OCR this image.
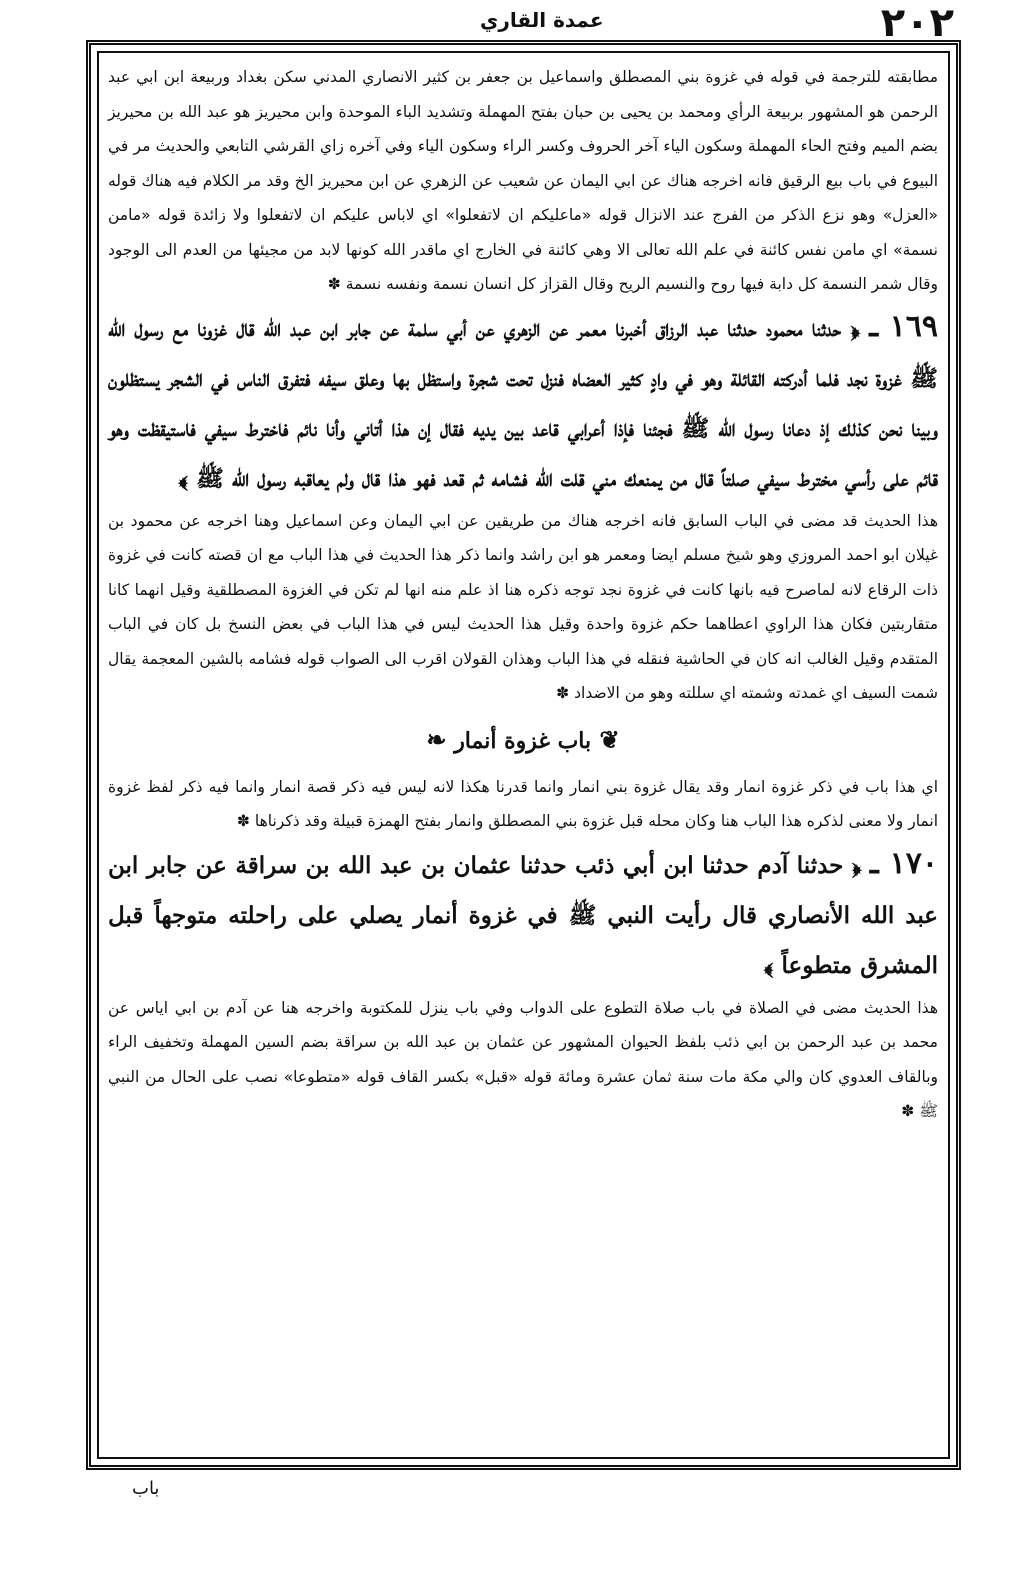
٢٠٢
عمدة القاري

مطابقته للترجمة في قوله في غزوة بني المصطلق واسماعيل بن جعفر بن كثير الانصاري المدني سكن بغداد وربيعة ابن ابي عبد الرحمن هو المشهور بربيعة الرأي ومحمد بن يحيى بن حبان بفتح المهملة وتشديد الباء الموحدة وابن محيريز هو عبد الله بن محيريز بضم الميم وفتح الحاء المهملة وسكون الياء آخر الحروف وكسر الراء وسكون الياء وفي آخره زاي القرشي التابعي والحديث مر في البيوع في باب بيع الرقيق فانه اخرجه هناك عن ابي اليمان عن شعيب عن الزهري عن ابن محيريز الخ وقد مر الكلام فيه هناك قوله «العزل» وهو نزع الذكر من الفرج عند الانزال قوله «ماعليكم ان لاتفعلوا» اي لاباس عليكم ان لاتفعلوا ولا زائدة قوله «مامن نسمة» اي مامن نفس كائنة في علم الله تعالى الا وهي كائنة في الخارج اي ماقدر الله كونها لابد من مجيئها من العدم الى الوجود وقال شمر النسمة كل دابة فيها روح والنسيم الريح وقال القزاز كل انسان نسمة ونفسه نسمة ✽

١٦٩ ـ ﴿ حدثنا محمود حدثنا عبد الرزاق أخبرنا معمر عن الزهري عن أبي سلمة عن جابر ابن عبد الله قال غزونا مع رسول الله ﷺ غزوة نجد فلما أدركته القائلة وهو في وادٍ كثير العضاه فنزل تحت شجرة واستظل بها وعلق سيفه فتفرق الناس في الشجر يستظلون وبينا نحن كذلك إذ دعانا رسول الله ﷺ فجئنا فإذا أعرابي قاعد بين يديه فقال إن هذا أتاني وأنا نائم فاخترط سيفي فاستيقظت وهو قائم على رأسي مخترط سيفي صلتاً قال من يمنعك مني قلت الله فشامه ثم قعد فهو هذا قال ولم يعاقبه رسول الله ﷺ ﴾

هذا الحديث قد مضى في الباب السابق فانه اخرجه هناك من طريقين عن ابي اليمان وعن اسماعيل وهنا اخرجه عن محمود بن غيلان ابو احمد المروزي وهو شيخ مسلم ايضا ومعمر هو ابن راشد وانما ذكر هذا الحديث في هذا الباب مع ان قصته كانت في غزوة ذات الرقاع لانه لماصرح فيه بانها كانت في غزوة نجد توجه ذكره هنا اذ علم منه انها لم تكن في الغزوة المصطلقية وقيل انهما كانا متقاربتين فكان هذا الراوي اعطاهما حكم غزوة واحدة وقيل هذا الحديث ليس في هذا الباب في بعض النسخ بل كان في الباب المتقدم وقيل الغالب انه كان في الحاشية فنقله في هذا الباب وهذان القولان اقرب الى الصواب قوله فشامه بالشين المعجمة يقال شمت السيف اي غمدته وشمته اي سللته وهو من الاضداد ✽

❦ باب غزوة أنمار ❧

اي هذا باب في ذكر غزوة انمار وقد يقال غزوة بني انمار وانما قدرنا هكذا لانه ليس فيه ذكر قصة انمار وانما فيه ذكر لفظ غزوة انمار ولا معنى لذكره هذا الباب هنا وكان محله قبل غزوة بني المصطلق وانمار بفتح الهمزة قبيلة وقد ذكرناها ✽

١٧٠ ـ ﴿ حدثنا آدم حدثنا ابن أبي ذئب حدثنا عثمان بن عبد الله بن سراقة عن جابر ابن عبد الله الأنصاري قال رأيت النبي ﷺ في غزوة أنمار يصلي على راحلته متوجهاً قبل المشرق متطوعاً ﴾

هذا الحديث مضى في الصلاة في باب صلاة التطوع على الدواب وفي باب ينزل للمكتوبة واخرجه هنا عن آدم بن ابي اياس عن محمد بن عبد الرحمن بن ابي ذئب بلفظ الحيوان المشهور عن عثمان بن عبد الله بن سراقة بضم السين المهملة وتخفيف الراء وبالقاف العدوي كان والي مكة مات سنة ثمان عشرة ومائة قوله «قبل» بكسر القاف قوله «متطوعا» نصب على الحال من النبي ﷺ ✽

باب
